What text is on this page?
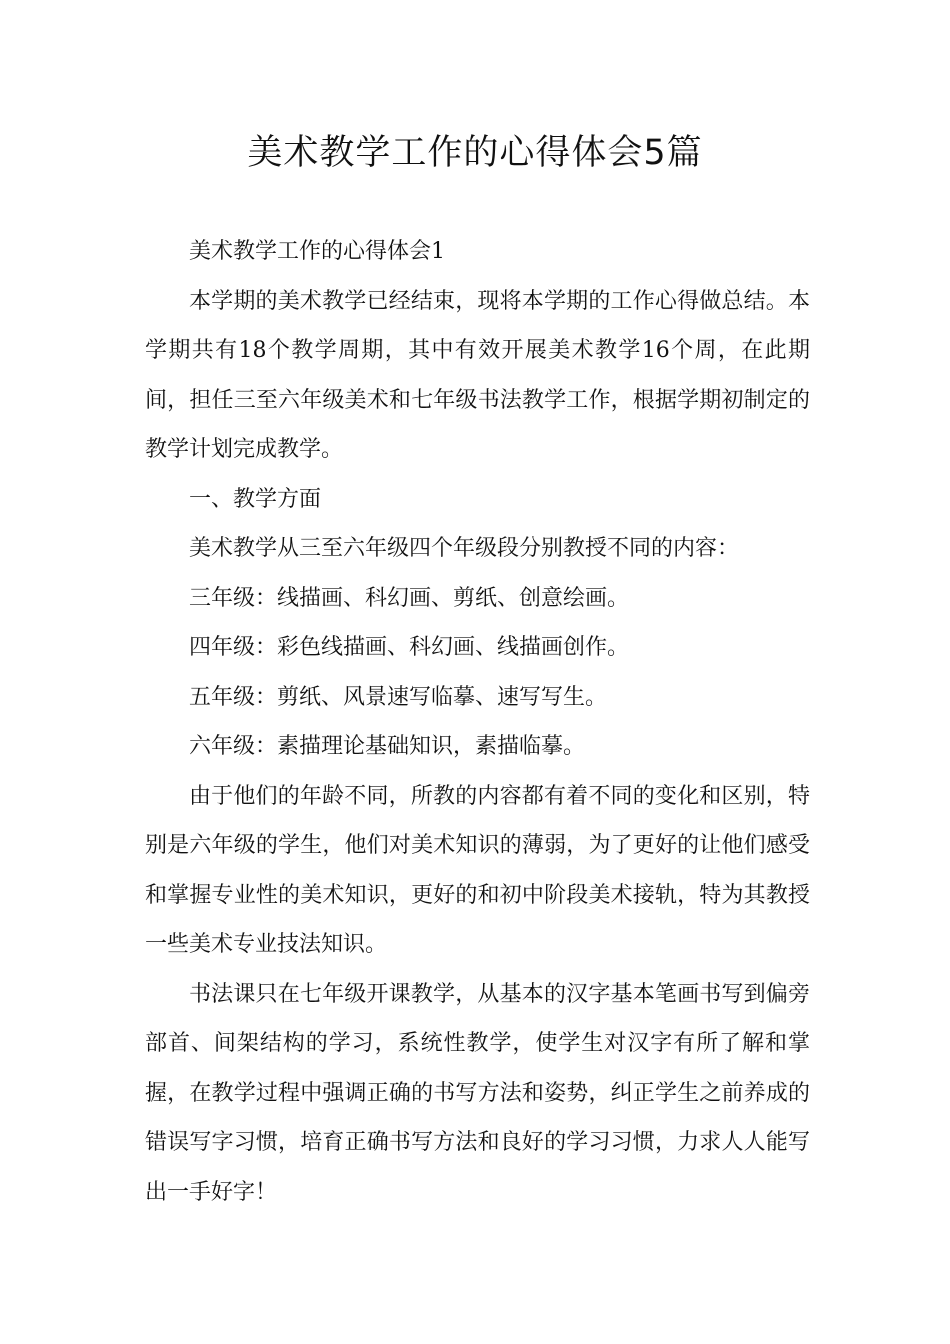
美术教学工作的心得体会5篇

美术教学工作的心得体会1

本学期的美术教学已经结束，现将本学期的工作心得做总结。本学期共有18个教学周期，其中有效开展美术教学16个周，在此期间，担任三至六年级美术和七年级书法教学工作，根据学期初制定的教学计划完成教学。

一、教学方面

美术教学从三至六年级四个年级段分别教授不同的内容：

三年级：线描画、科幻画、剪纸、创意绘画。

四年级：彩色线描画、科幻画、线描画创作。

五年级：剪纸、风景速写临摹、速写写生。

六年级：素描理论基础知识，素描临摹。

由于他们的年龄不同，所教的内容都有着不同的变化和区别，特别是六年级的学生，他们对美术知识的薄弱，为了更好的让他们感受和掌握专业性的美术知识，更好的和初中阶段美术接轨，特为其教授一些美术专业技法知识。

书法课只在七年级开课教学，从基本的汉字基本笔画书写到偏旁部首、间架结构的学习，系统性教学，使学生对汉字有所了解和掌握，在教学过程中强调正确的书写方法和姿势，纠正学生之前养成的错误写字习惯，培育正确书写方法和良好的学习习惯，力求人人能写出一手好字！
